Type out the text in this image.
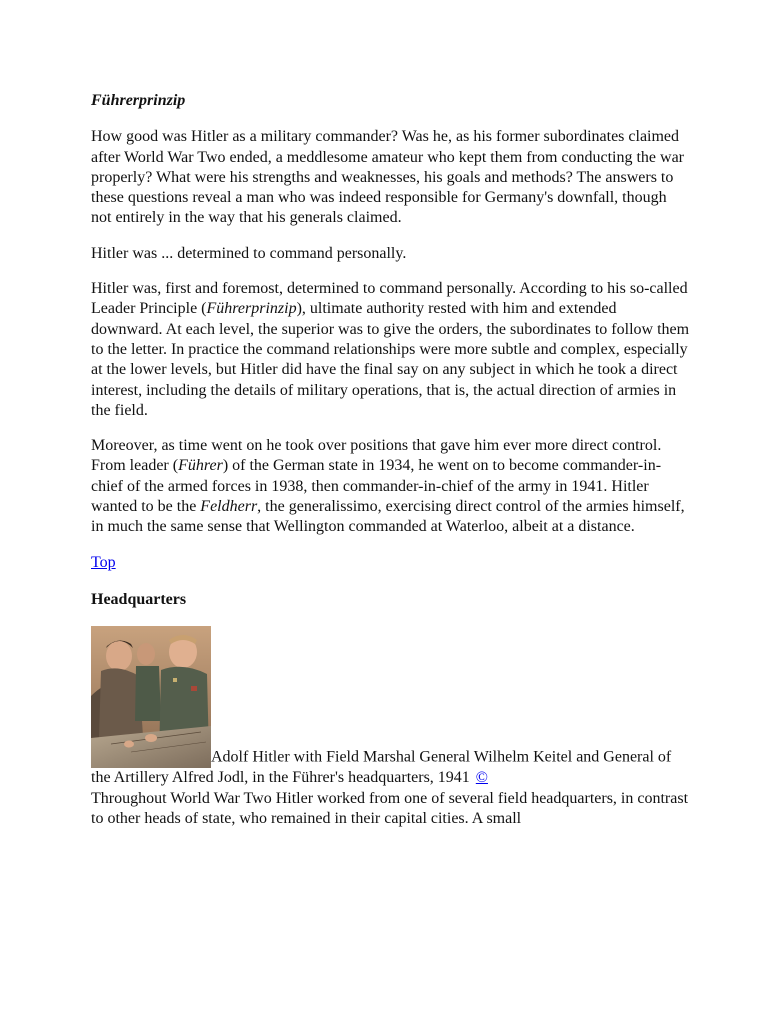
Führerprinzip

How good was Hitler as a military commander? Was he, as his former subordinates claimed after World War Two ended, a meddlesome amateur who kept them from conducting the war properly? What were his strengths and weaknesses, his goals and methods? The answers to these questions reveal a man who was indeed responsible for Germany's downfall, though not entirely in the way that his generals claimed.

Hitler was ... determined to command personally.

Hitler was, first and foremost, determined to command personally. According to his so-called Leader Principle (Führerprinzip), ultimate authority rested with him and extended downward. At each level, the superior was to give the orders, the subordinates to follow them to the letter. In practice the command relationships were more subtle and complex, especially at the lower levels, but Hitler did have the final say on any subject in which he took a direct interest, including the details of military operations, that is, the actual direction of armies in the field.

Moreover, as time went on he took over positions that gave him ever more direct control. From leader (Führer) of the German state in 1934, he went on to become commander-in-chief of the armed forces in 1938, then commander-in-chief of the army in 1941. Hitler wanted to be the Feldherr, the generalissimo, exercising direct control of the armies himself, in much the same sense that Wellington commanded at Waterloo, albeit at a distance.

Top

Headquarters
Adolf Hitler with Field Marshal General Wilhelm Keitel and General of the Artillery Alfred Jodl, in the Führer's headquarters, 1941 ©
Throughout World War Two Hitler worked from one of several field headquarters, in contrast to other heads of state, who remained in their capital cities. A small
